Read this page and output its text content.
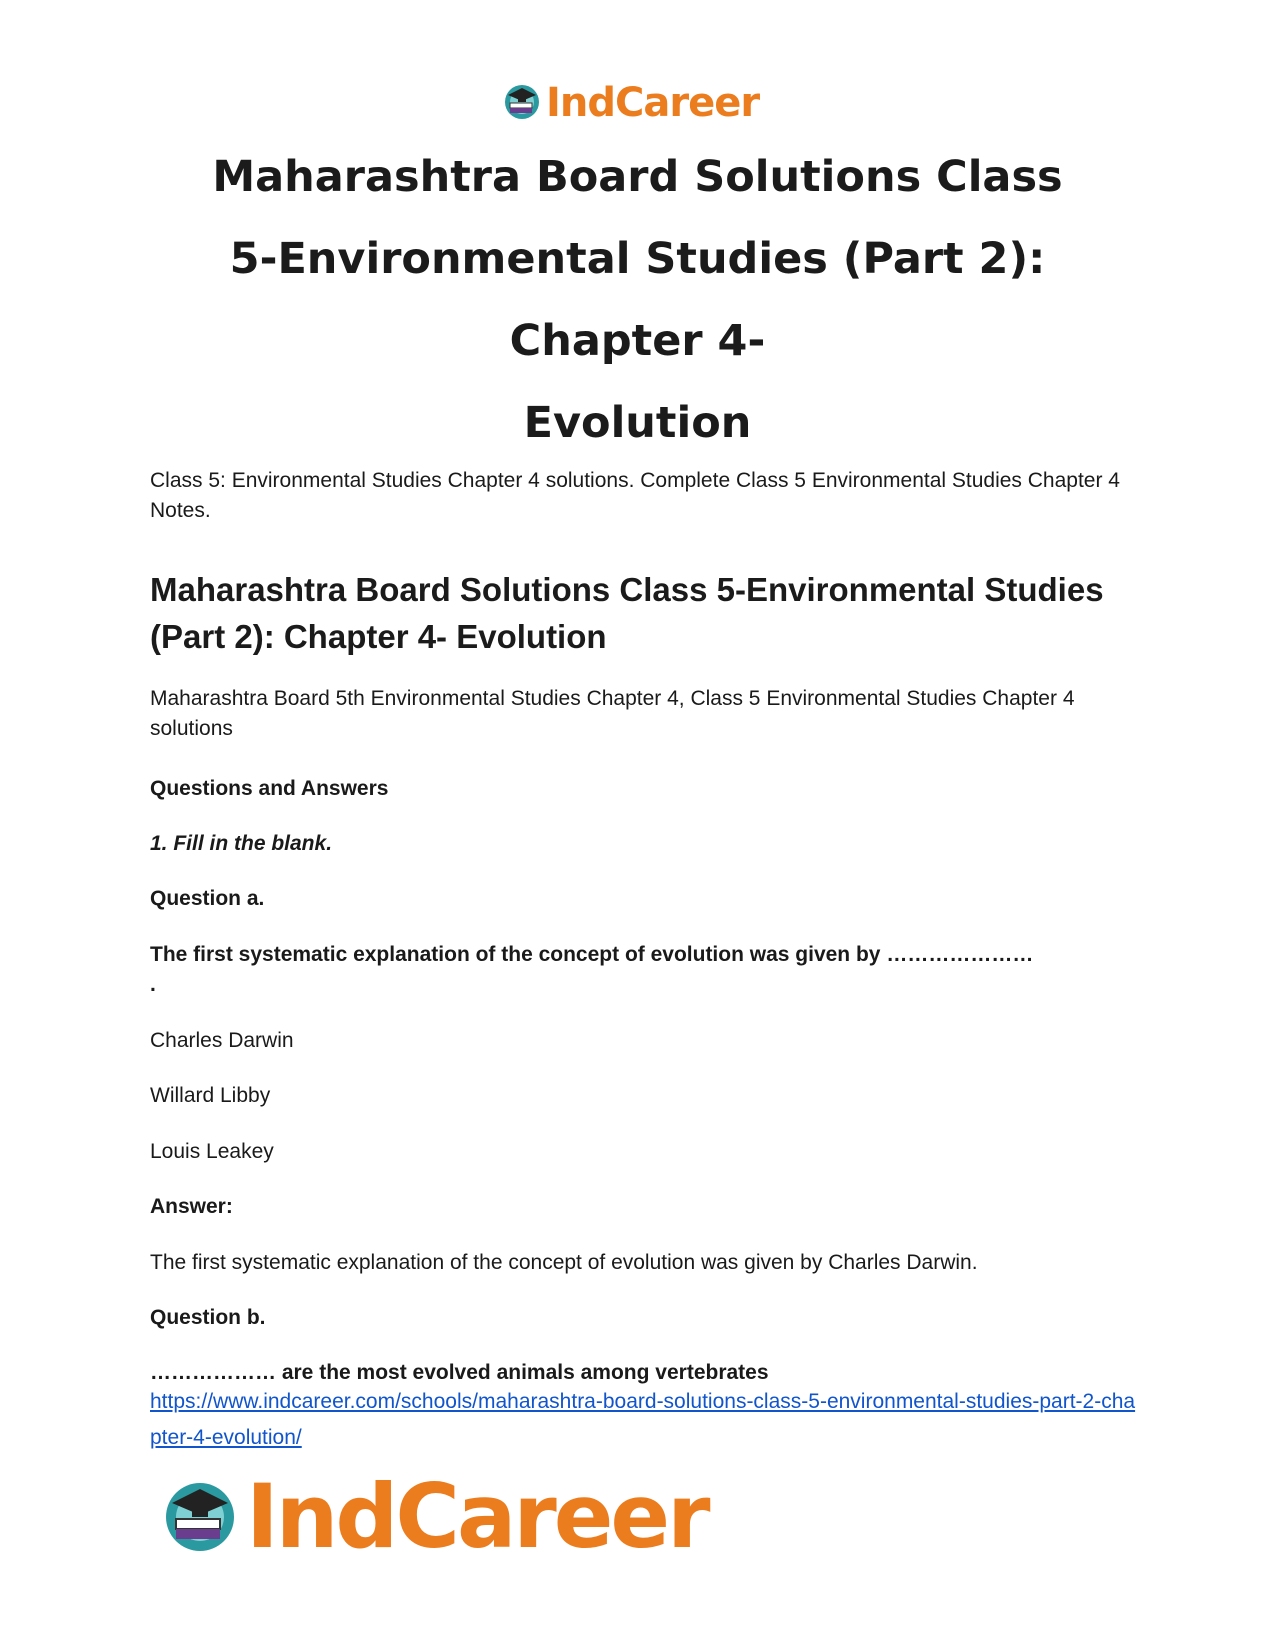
IndCareer
Maharashtra Board Solutions Class
5-Environmental Studies (Part 2): Chapter 4-
Evolution

Class 5: Environmental Studies Chapter 4 solutions. Complete Class 5 Environmental Studies Chapter 4 Notes.

Maharashtra Board Solutions Class 5-Environmental Studies (Part 2): Chapter 4- Evolution

Maharashtra Board 5th Environmental Studies Chapter 4, Class 5 Environmental Studies Chapter 4 solutions

Questions and Answers
1. Fill in the blank.
Question a.
The first systematic explanation of the concept of evolution was given by …………………
.
Charles Darwin
Willard Libby
Louis Leakey
Answer:
The first systematic explanation of the concept of evolution was given by Charles Darwin.
Question b.
……………… are the most evolved animals among vertebrates
https://www.indcareer.com/schools/maharashtra-board-solutions-class-5-environmental-studies-part-2-chapter-4-evolution/
IndCareer
